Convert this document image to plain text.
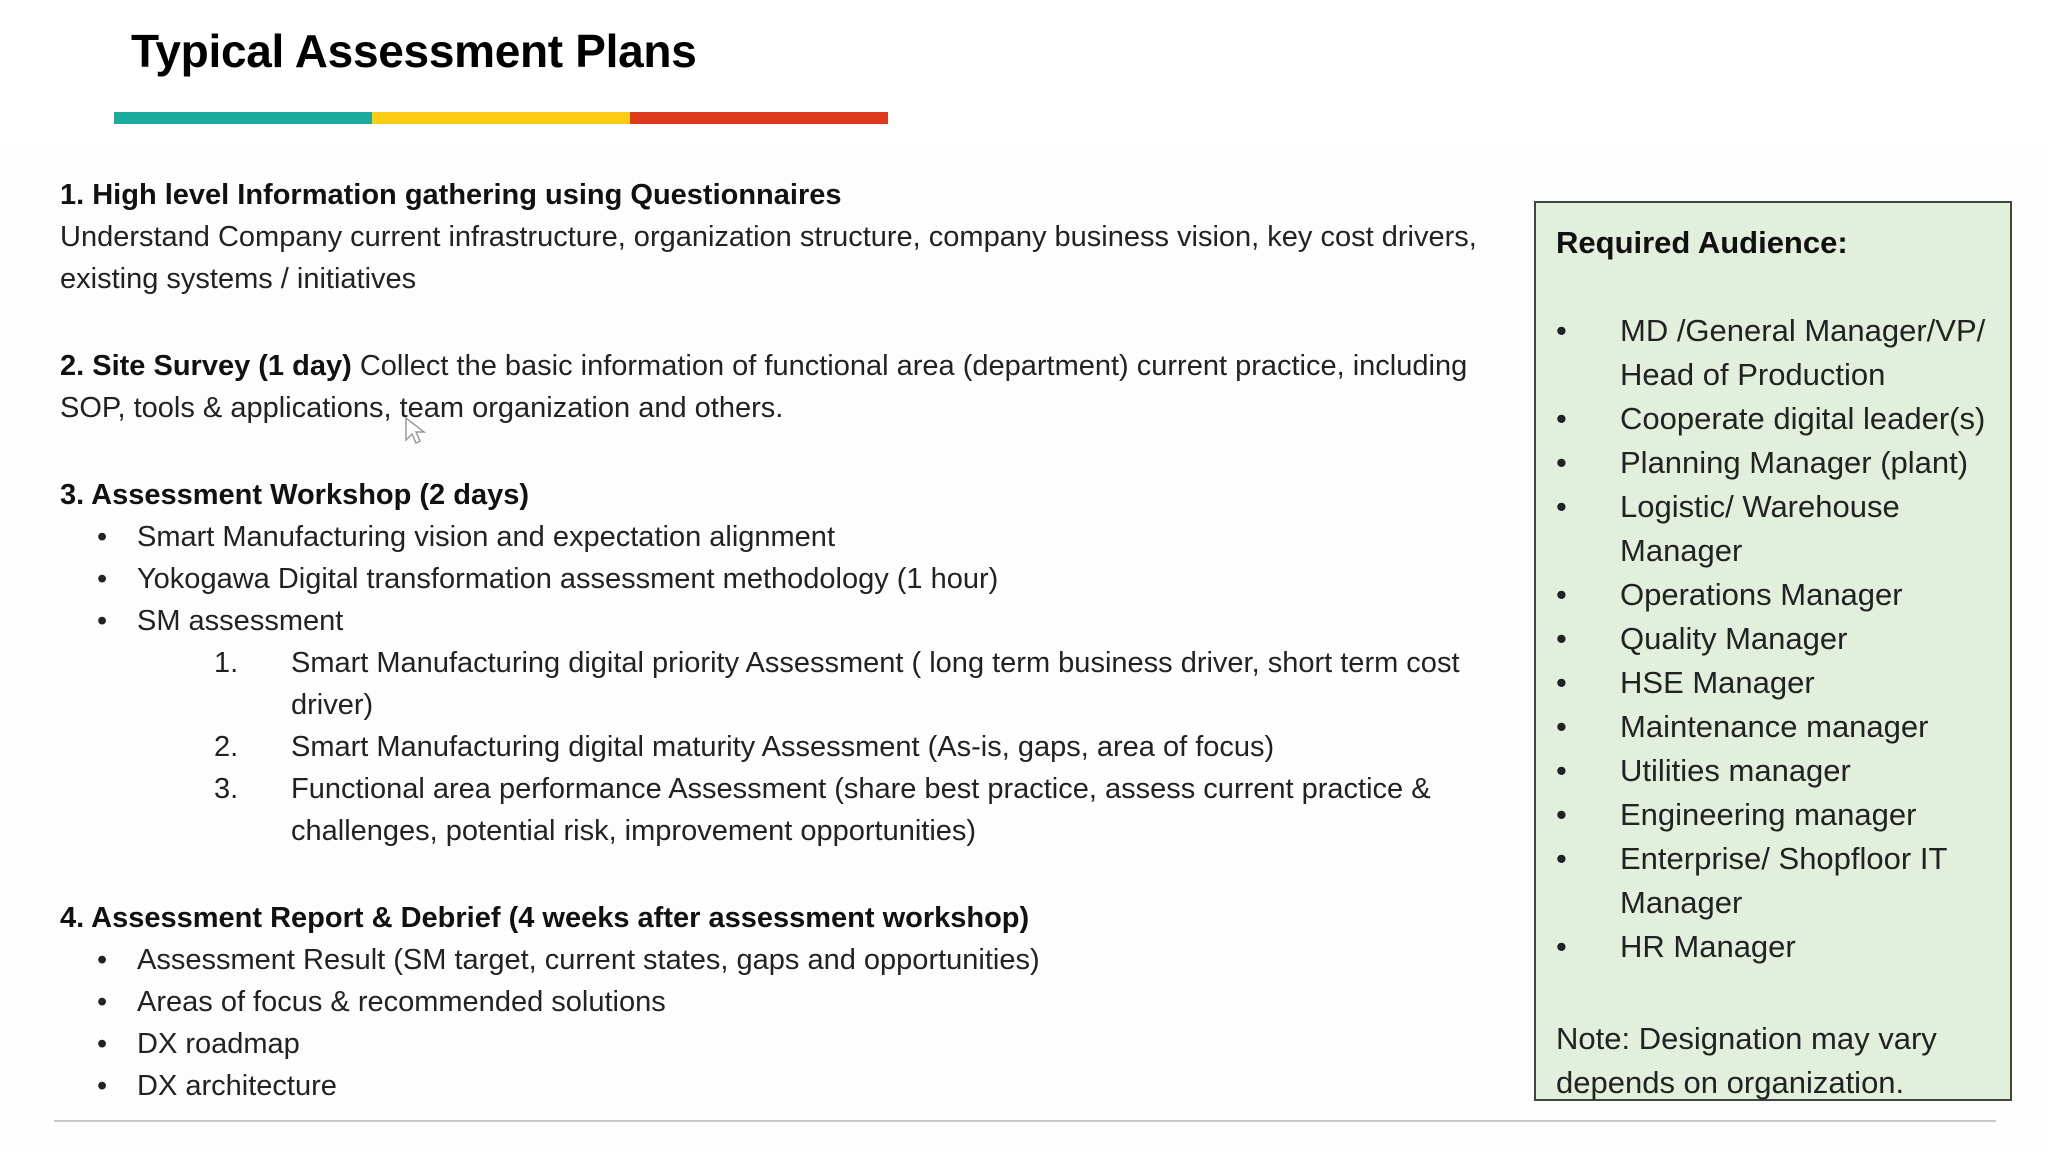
Typical Assessment Plans
1. High level Information gathering using Questionnaires
Understand Company current infrastructure, organization structure, company business vision, key cost drivers, existing systems / initiatives
2. Site Survey (1 day) Collect the basic information of functional area (department) current practice, including SOP, tools & applications, team organization and others.
3. Assessment Workshop (2 days)
• Smart Manufacturing vision and expectation alignment
• Yokogawa Digital transformation assessment methodology (1 hour)
• SM assessment
1. Smart Manufacturing digital priority Assessment ( long term business driver, short term cost driver)
2. Smart Manufacturing digital maturity Assessment (As-is, gaps, area of focus)
3. Functional area performance Assessment (share best practice, assess current practice & challenges, potential risk, improvement opportunities)
4. Assessment Report & Debrief (4 weeks after assessment workshop)
• Assessment Result (SM target, current states, gaps and opportunities)
• Areas of focus & recommended solutions
• DX roadmap
• DX architecture
Required Audience:
• MD /General Manager/VP/ Head of Production
• Cooperate digital leader(s)
• Planning Manager (plant)
• Logistic/ Warehouse Manager
• Operations Manager
• Quality Manager
• HSE Manager
• Maintenance manager
• Utilities manager
• Engineering manager
• Enterprise/ Shopfloor IT Manager
• HR Manager
Note: Designation may vary depends on organization.
